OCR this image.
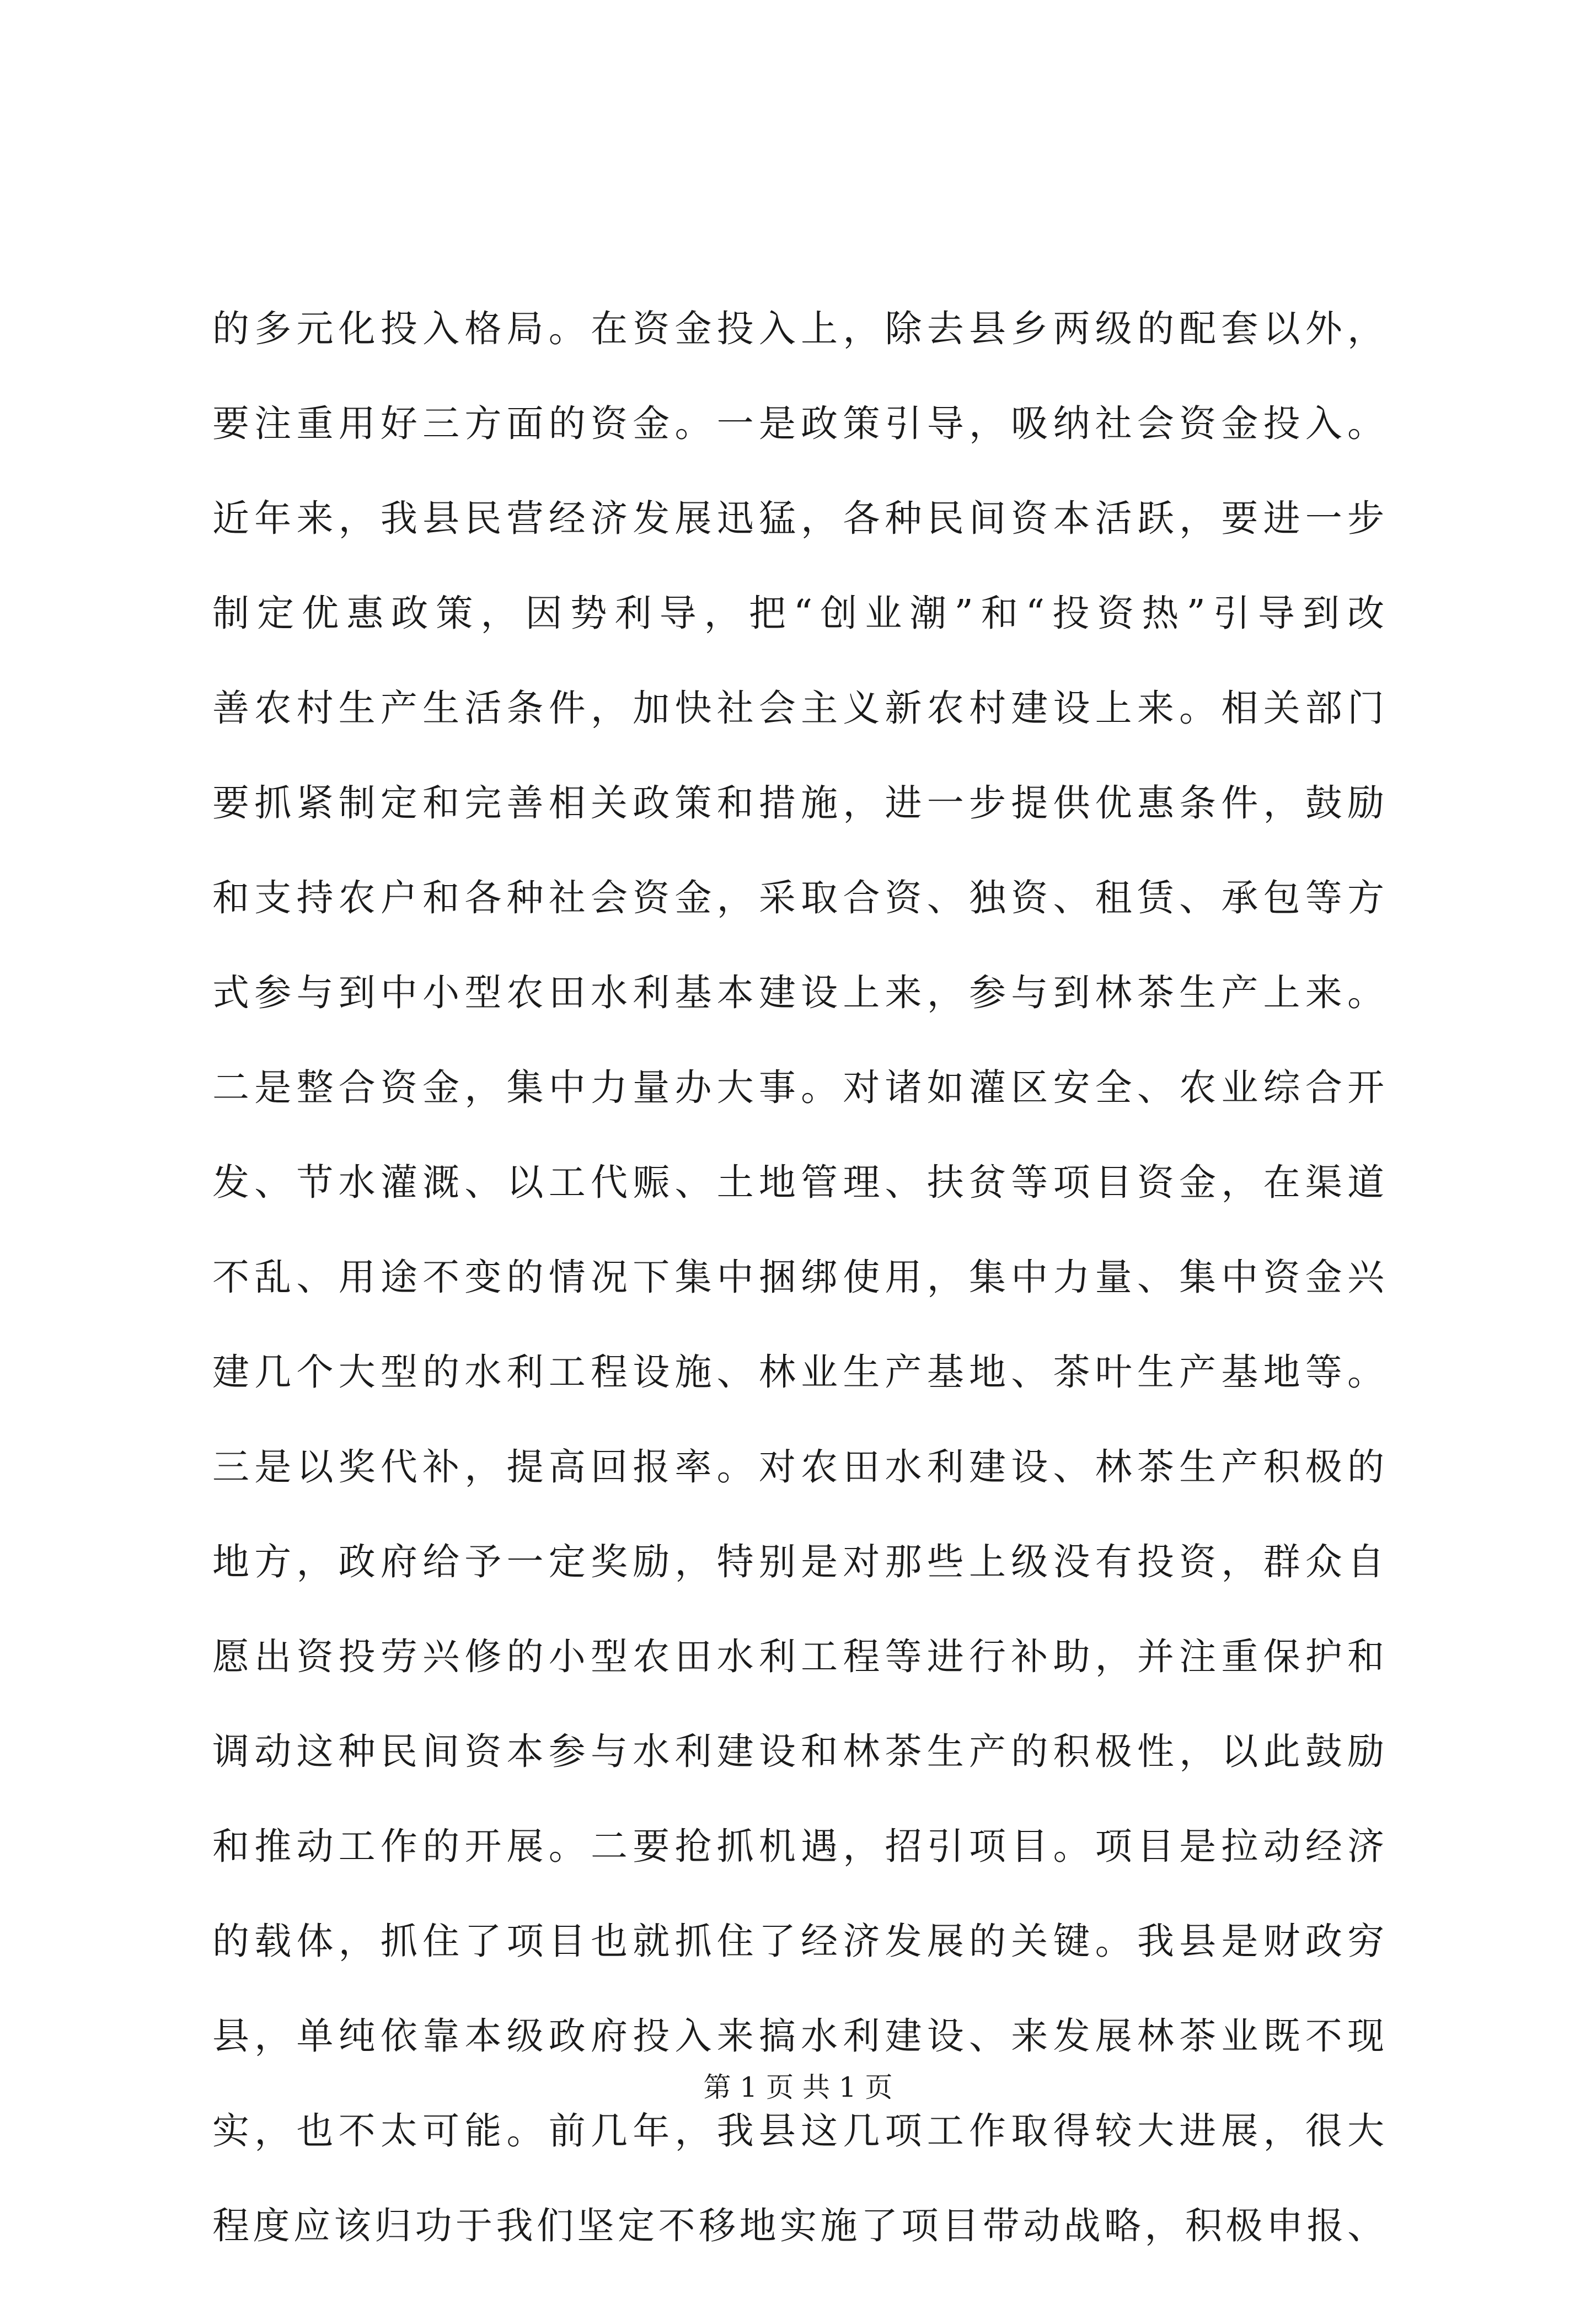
的多元化投入格局。在资金投入上，除去县乡两级的配套以外，
要注重用好三方面的资金。一是政策引导，吸纳社会资金投入。
近年来，我县民营经济发展迅猛，各种民间资本活跃，要进一步
制定优惠政策，因势利导，把“创业潮”和“投资热”引导到改
善农村生产生活条件，加快社会主义新农村建设上来。相关部门
要抓紧制定和完善相关政策和措施，进一步提供优惠条件，鼓励
和支持农户和各种社会资金，采取合资、独资、租赁、承包等方
式参与到中小型农田水利基本建设上来，参与到林茶生产上来。
二是整合资金，集中力量办大事。对诸如灌区安全、农业综合开
发、节水灌溉、以工代赈、土地管理、扶贫等项目资金，在渠道
不乱、用途不变的情况下集中捆绑使用，集中力量、集中资金兴
建几个大型的水利工程设施、林业生产基地、茶叶生产基地等。
三是以奖代补，提高回报率。对农田水利建设、林茶生产积极的
地方，政府给予一定奖励，特别是对那些上级没有投资，群众自
愿出资投劳兴修的小型农田水利工程等进行补助，并注重保护和
调动这种民间资本参与水利建设和林茶生产的积极性，以此鼓励
和推动工作的开展。二要抢抓机遇，招引项目。项目是拉动经济
的载体，抓住了项目也就抓住了经济发展的关键。我县是财政穷
县，单纯依靠本级政府投入来搞水利建设、来发展林茶业既不现
实，也不太可能。前几年，我县这几项工作取得较大进展，很大
程度应该归功于我们坚定不移地实施了项目带动战略，积极申报、
第 1 页 共 1 页
